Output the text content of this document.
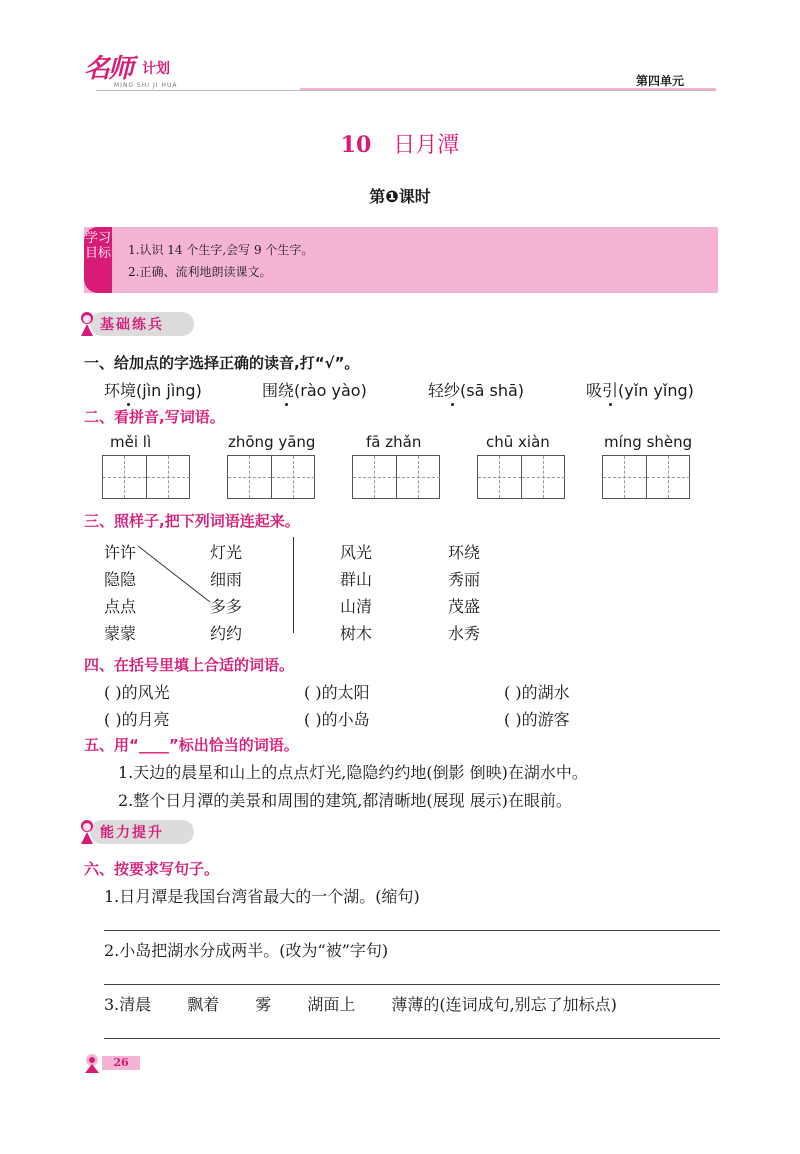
名师 计划
MING SHI JI HUA	第四单元
10 日月潭
第❶课时
学习目标 1.认识 14 个生字,会写 9 个生字。
2.正确、流利地朗读课文。
基础练兵
一、给加点的字选择正确的读音,打“√”。
环境(jìn jìng)	围绕(rào yào)	轻纱(sā shā)	吸引(yǐn yǐng)
二、看拼音,写词语。
měi lì	zhōng yāng	fā zhǎn	chū xiàn	míng shèng
三、照样子,把下列词语连起来。
许许
隐隐
点点
蒙蒙
灯光
细雨
多多
约约
风光
群山
山清
树木
环绕
秀丽
茂盛
水秀
四、在括号里填上合适的词语。
( )的风光	( )的太阳	( )的湖水
( )的月亮	( )的小岛	( )的游客
五、用“____”标出恰当的词语。
1.天边的晨星和山上的点点灯光,隐隐约约地(倒影 倒映)在湖水中。
2.整个日月潭的美景和周围的建筑,都清晰地(展现 展示)在眼前。
能力提升
六、按要求写句子。
1.日月潭是我国台湾省最大的一个湖。(缩句)
2.小岛把湖水分成两半。(改为“被”字句)
3.清晨 飘着 雾 湖面上 薄薄的(连词成句,别忘了加标点)
26
